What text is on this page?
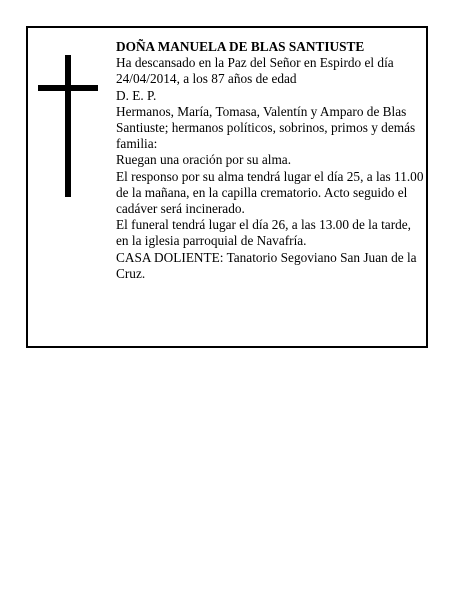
DOÑA MANUELA DE BLAS SANTIUSTE

Ha descansado en la Paz del Señor en Espirdo el día 24/04/2014, a los 87 años de edad

D. E. P.

Hermanos, María, Tomasa, Valentín y Amparo de Blas Santiuste; hermanos políticos, sobrinos, primos y demás familia:

Ruegan una oración por su alma.

El responso por su alma tendrá lugar el día 25, a las 11.00 de la mañana, en la capilla crematorio. Acto seguido el cadáver será incinerado.

El funeral tendrá lugar el día 26, a las 13.00 de la tarde, en la iglesia parroquial de Navafría.

CASA DOLIENTE: Tanatorio Segoviano San Juan de la Cruz.
